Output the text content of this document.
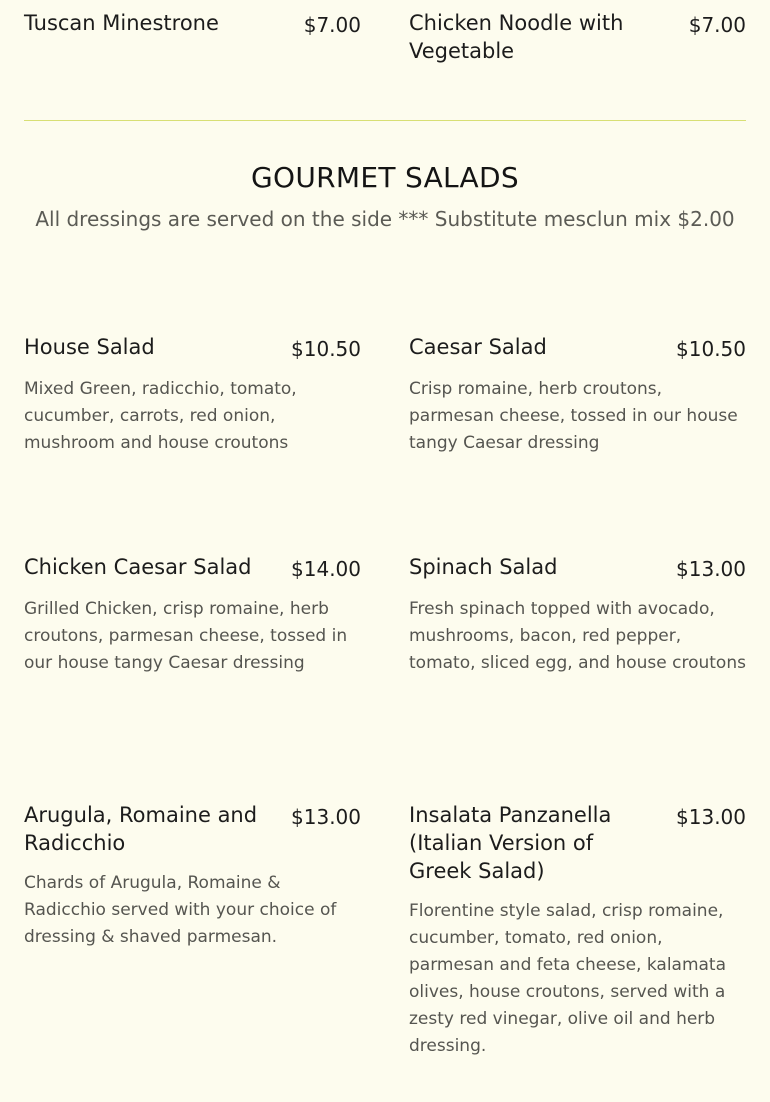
Tuscan Minestrone	$7.00 Chicken Noodle with Vegetable
$7.00
GOURMET SALADS
All dressings are served on the side *** Substitute mesclun mix $2.00
House Salad	$10.50
Mixed Green, radicchio, tomato, cucumber, carrots, red onion, mushroom and house croutons
Caesar Salad	$10.50
Crisp romaine, herb croutons, parmesan cheese, tossed in our house tangy Caesar dressing
Chicken Caesar Salad $14.00
Grilled Chicken, crisp romaine, herb croutons, parmesan cheese, tossed in our house tangy Caesar dressing
Spinach Salad	$13.00
Fresh spinach topped with avocado, mushrooms, bacon, red pepper, tomato, sliced egg, and house croutons
Arugula, Romaine and Radicchio
$13.00
Chards of Arugula, Romaine & Radicchio served with your choice of dressing & shaved parmesan.
Insalata Panzanella (Italian Version of Greek Salad)
$13.00
Florentine style salad, crisp romaine, cucumber, tomato, red onion, parmesan and feta cheese, kalamata olives, house croutons, served with a zesty red vinegar, olive oil and herb dressing.
